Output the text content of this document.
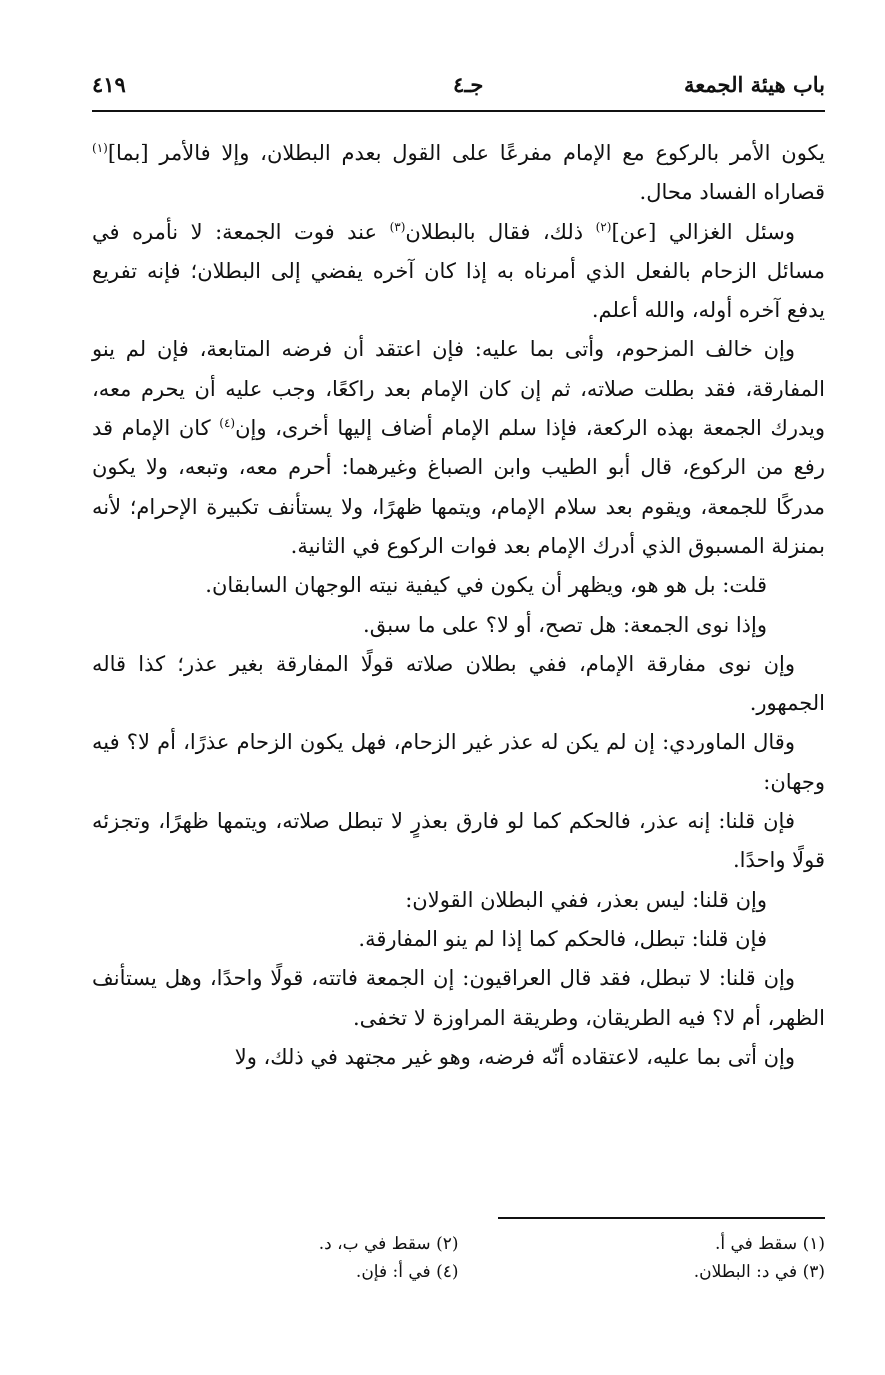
باب هيئة الجمعة
جـ٤
٤١٩

يكون الأمر بالركوع مع الإمام مفرعًا على القول بعدم البطلان، وإلا فالأمر [بما]$^{(١)}$ قصاراه الفساد محال.

وسئل الغزالي [عن]$^{(٢)}$ ذلك، فقال بالبطلان$^{(٣)}$ عند فوت الجمعة: لا نأمره في مسائل الزحام بالفعل الذي أمرناه به إذا كان آخره يفضي إلى البطلان؛ فإنه تفريع يدفع آخره أوله، والله أعلم.

وإن خالف المزحوم، وأتى بما عليه: فإن اعتقد أن فرضه المتابعة، فإن لم ينو المفارقة، فقد بطلت صلاته، ثم إن كان الإمام بعد راكعًا، وجب عليه أن يحرم معه، ويدرك الجمعة بهذه الركعة، فإذا سلم الإمام أضاف إليها أخرى، وإن$^{(٤)}$ كان الإمام قد رفع من الركوع، قال أبو الطيب وابن الصباغ وغيرهما: أحرم معه، وتبعه، ولا يكون مدركًا للجمعة، ويقوم بعد سلام الإمام، ويتمها ظهرًا، ولا يستأنف تكبيرة الإحرام؛ لأنه بمنزلة المسبوق الذي أدرك الإمام بعد فوات الركوع في الثانية.

قلت: بل هو هو، ويظهر أن يكون في كيفية نيته الوجهان السابقان.

وإذا نوى الجمعة: هل تصح، أو لا؟ على ما سبق.

وإن نوى مفارقة الإمام، ففي بطلان صلاته قولًا المفارقة بغير عذر؛ كذا قاله الجمهور.

وقال الماوردي: إن لم يكن له عذر غير الزحام، فهل يكون الزحام عذرًا، أم لا؟ فيه وجهان:

فإن قلنا: إنه عذر، فالحكم كما لو فارق بعذرٍ لا تبطل صلاته، ويتمها ظهرًا، وتجزئه قولًا واحدًا.

وإن قلنا: ليس بعذر، ففي البطلان القولان:

فإن قلنا: تبطل، فالحكم كما إذا لم ينو المفارقة.

وإن قلنا: لا تبطل، فقد قال العراقيون: إن الجمعة فاتته، قولًا واحدًا، وهل يستأنف الظهر، أم لا؟ فيه الطريقان، وطريقة المراوزة لا تخفى.

وإن أتى بما عليه، لاعتقاده أنّه فرضه، وهو غير مجتهد في ذلك، ولا

(١) سقط في أ.
(٢) سقط في ب، د.
(٣) في د: البطلان.
(٤) في أ: فإن.
